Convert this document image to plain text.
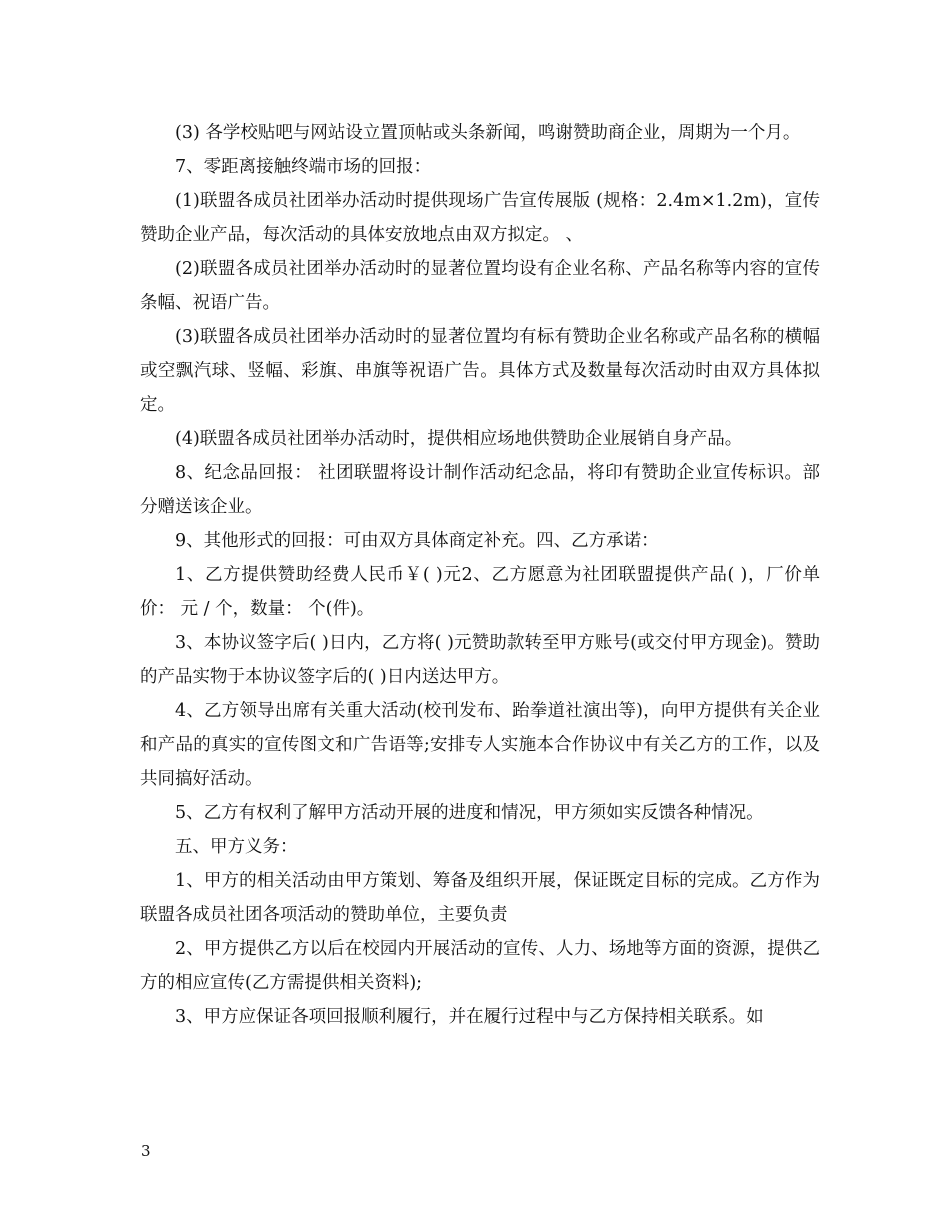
(3) 各学校贴吧与网站设立置顶帖或头条新闻，鸣谢赞助商企业，周期为一个月。

7、零距离接触终端市场的回报：

(1)联盟各成员社团举办活动时提供现场广告宣传展版 (规格：2.4m×1.2m)，宣传赞助企业产品，每次活动的具体安放地点由双方拟定。 、

(2)联盟各成员社团举办活动时的显著位置均设有企业名称、产品名称等内容的宣传条幅、祝语广告。

(3)联盟各成员社团举办活动时的显著位置均有标有赞助企业名称或产品名称的横幅或空飘汽球、竖幅、彩旗、串旗等祝语广告。具体方式及数量每次活动时由双方具体拟定。

(4)联盟各成员社团举办活动时，提供相应场地供赞助企业展销自身产品。

8、纪念品回报： 社团联盟将设计制作活动纪念品，将印有赞助企业宣传标识。部分赠送该企业。

9、其他形式的回报：可由双方具体商定补充。四、乙方承诺：

1、乙方提供赞助经费人民币￥( )元2、乙方愿意为社团联盟提供产品( )，厂价单价： 元 / 个，数量： 个(件)。

3、本协议签字后( )日内，乙方将( )元赞助款转至甲方账号(或交付甲方现金)。赞助的产品实物于本协议签字后的( )日内送达甲方。

4、乙方领导出席有关重大活动(校刊发布、跆拳道社演出等)，向甲方提供有关企业和产品的真实的宣传图文和广告语等;安排专人实施本合作协议中有关乙方的工作，以及共同搞好活动。

5、乙方有权利了解甲方活动开展的进度和情况，甲方须如实反馈各种情况。

五、甲方义务：

1、甲方的相关活动由甲方策划、筹备及组织开展，保证既定目标的完成。乙方作为联盟各成员社团各项活动的赞助单位，主要负责

2、甲方提供乙方以后在校园内开展活动的宣传、人力、场地等方面的资源，提供乙方的相应宣传(乙方需提供相关资料);

3、甲方应保证各项回报顺利履行，并在履行过程中与乙方保持相关联系。如

3
